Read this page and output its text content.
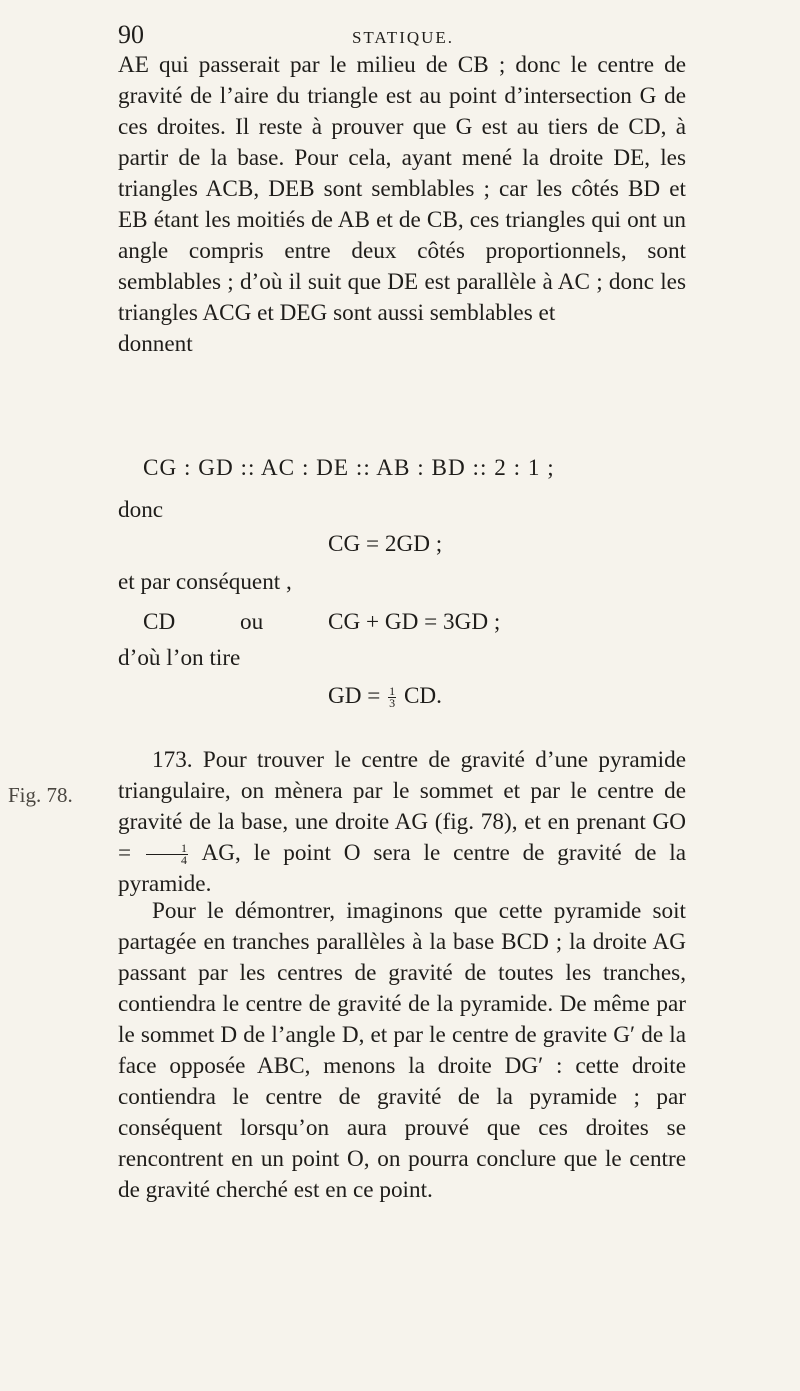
90	STATIQUE.
AE qui passerait par le milieu de CB ; donc le centre de gravité de l’aire du triangle est au point d’intersection G de ces droites. Il reste à prouver que G est au tiers de CD, à partir de la base. Pour cela, ayant mené la droite DE, les triangles ACB, DEB sont semblables ; car les côtés BD et EB étant les moitiés de AB et de CB, ces triangles qui ont un angle compris entre deux côtés proportionnels, sont semblables ; d’où il suit que DE est parallèle à AC ; donc les triangles ACG et DEG sont aussi semblables et
donnent
CG : GD :: AC : DE :: AB : BD :: 2 : 1 ;
donc
CG = 2GD ;
et par conséquent ,
CD	ou	CG + GD = 3GD ;
d’où l’on tire
GD = $\frac{1}{3}$ CD.
Fig. 78.
173. Pour trouver le centre de gravité d’une pyramide triangulaire, on mènera par le sommet et par le centre de gravité de la base, une droite AG (fig. 78), et en prenant GO = $\frac{1}{4}$ AG, le point O sera le centre de gravité de la pyramide.
Pour le démontrer, imaginons que cette pyramide soit partagée en tranches parallèles à la base BCD ; la droite AG passant par les centres de gravité de toutes les tranches, contiendra le centre de gravité de la pyramide. De même par le sommet D de l’angle D, et par le centre de gravite G′ de la face opposée ABC, menons la droite DG′ : cette droite contiendra le centre de gravité de la pyramide ; par conséquent lorsqu’on aura prouvé que ces droites se rencontrent en un point O, on pourra conclure que le centre de gravité cherché est en ce point.
